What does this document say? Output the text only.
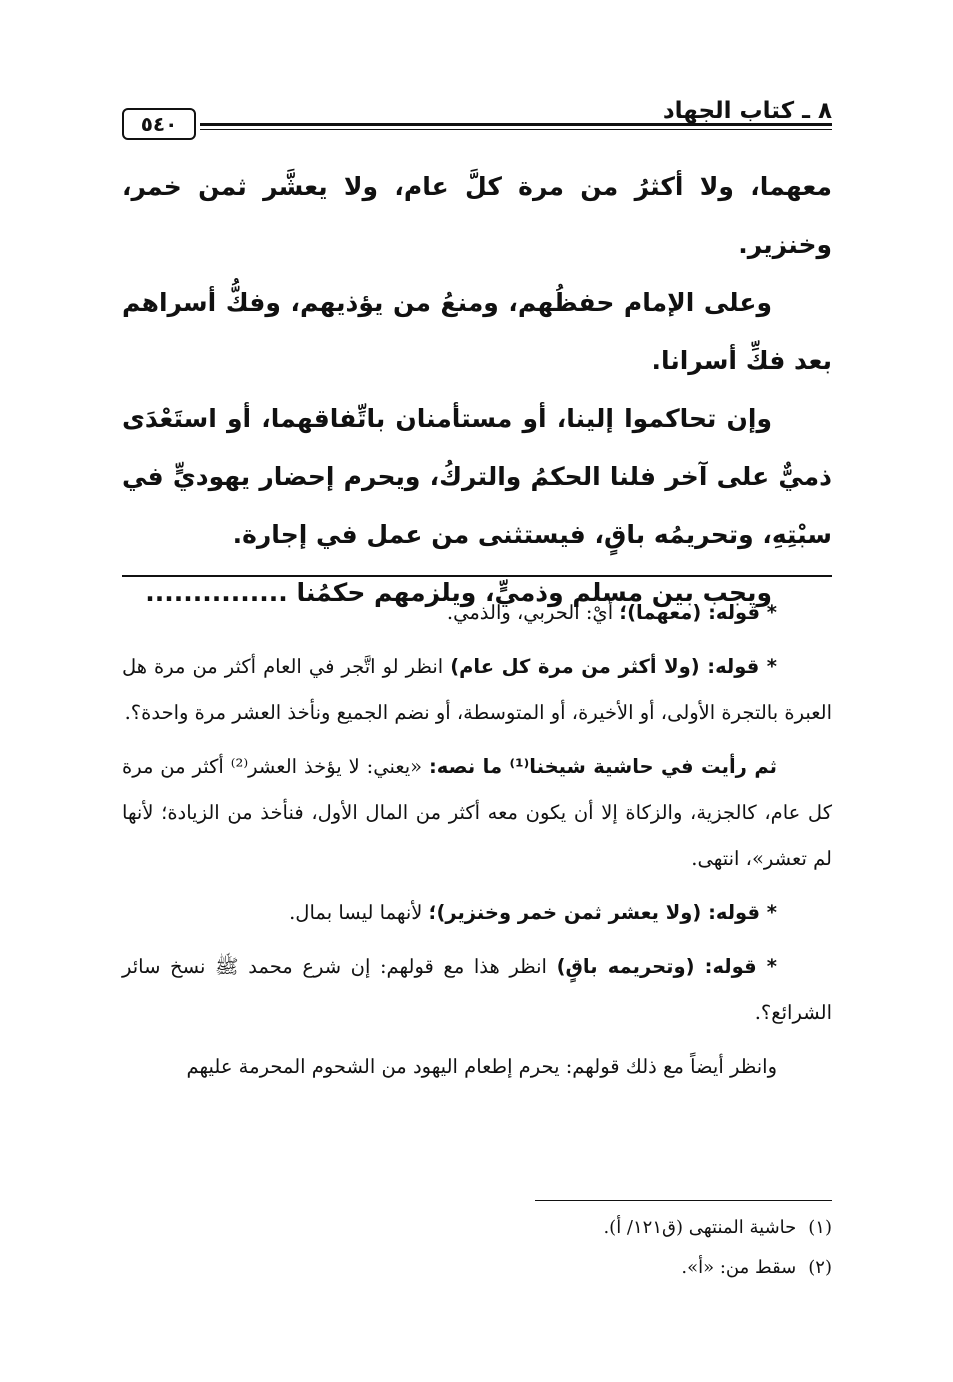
٥٤٠	٨ ـ كتاب الجهاد

معهما، ولا أكثرُ من مرة كلَّ عام، ولا يعشَّر ثمن خمر، وخنزير.

وعلى الإمام حفظُهم، ومنعُ من يؤذيهم، وفكُّ أسراهم بعد فكِّ أسرانا.

وإن تحاكموا إلينا، أو مستأمنان باتِّفاقهما، أو استَعْدَى ذميٌّ على آخر فلنا الحكمُ والتركُ، ويحرم إحضار يهوديٍّ في سبْتِهِ، وتحريمُه باقٍ، فيستثنى من عمل في إجارة.

ويجب بين مسلم وذميٍّ، ويلزمهم حكمُنا ...............

* قوله: (معهما)؛ أيْ: الحربي، والذمي.

* قوله: (ولا أكثر من مرة كل عام) انظر لو اتَّجر في العام أكثر من مرة هل العبرة بالتجرة الأولى، أو الأخيرة، أو المتوسطة، أو نضم الجميع ونأخذ العشر مرة واحدة؟.

ثم رأيت في حاشية شيخنا⁽¹⁾ ما نصه: «يعني: لا يؤخذ العشر⁽²⁾ أكثر من مرة كل عام، كالجزية، والزكاة إلا أن يكون معه أكثر من المال الأول، فنأخذ من الزيادة؛ لأنها لم تعشر»، انتهى.

* قوله: (ولا يعشر ثمن خمر وخنزير)؛ لأنهما ليسا بمال.

* قوله: (وتحريمه باقٍ) انظر هذا مع قولهم: إن شرع محمد ﷺ نسخ سائر الشرائع؟.

وانظر أيضاً مع ذلك قولهم: يحرم إطعام اليهود من الشحوم المحرمة عليهم

(١)حاشية المنتهى (ق١٢١/ أ).

(٢)سقط من: «أ».
